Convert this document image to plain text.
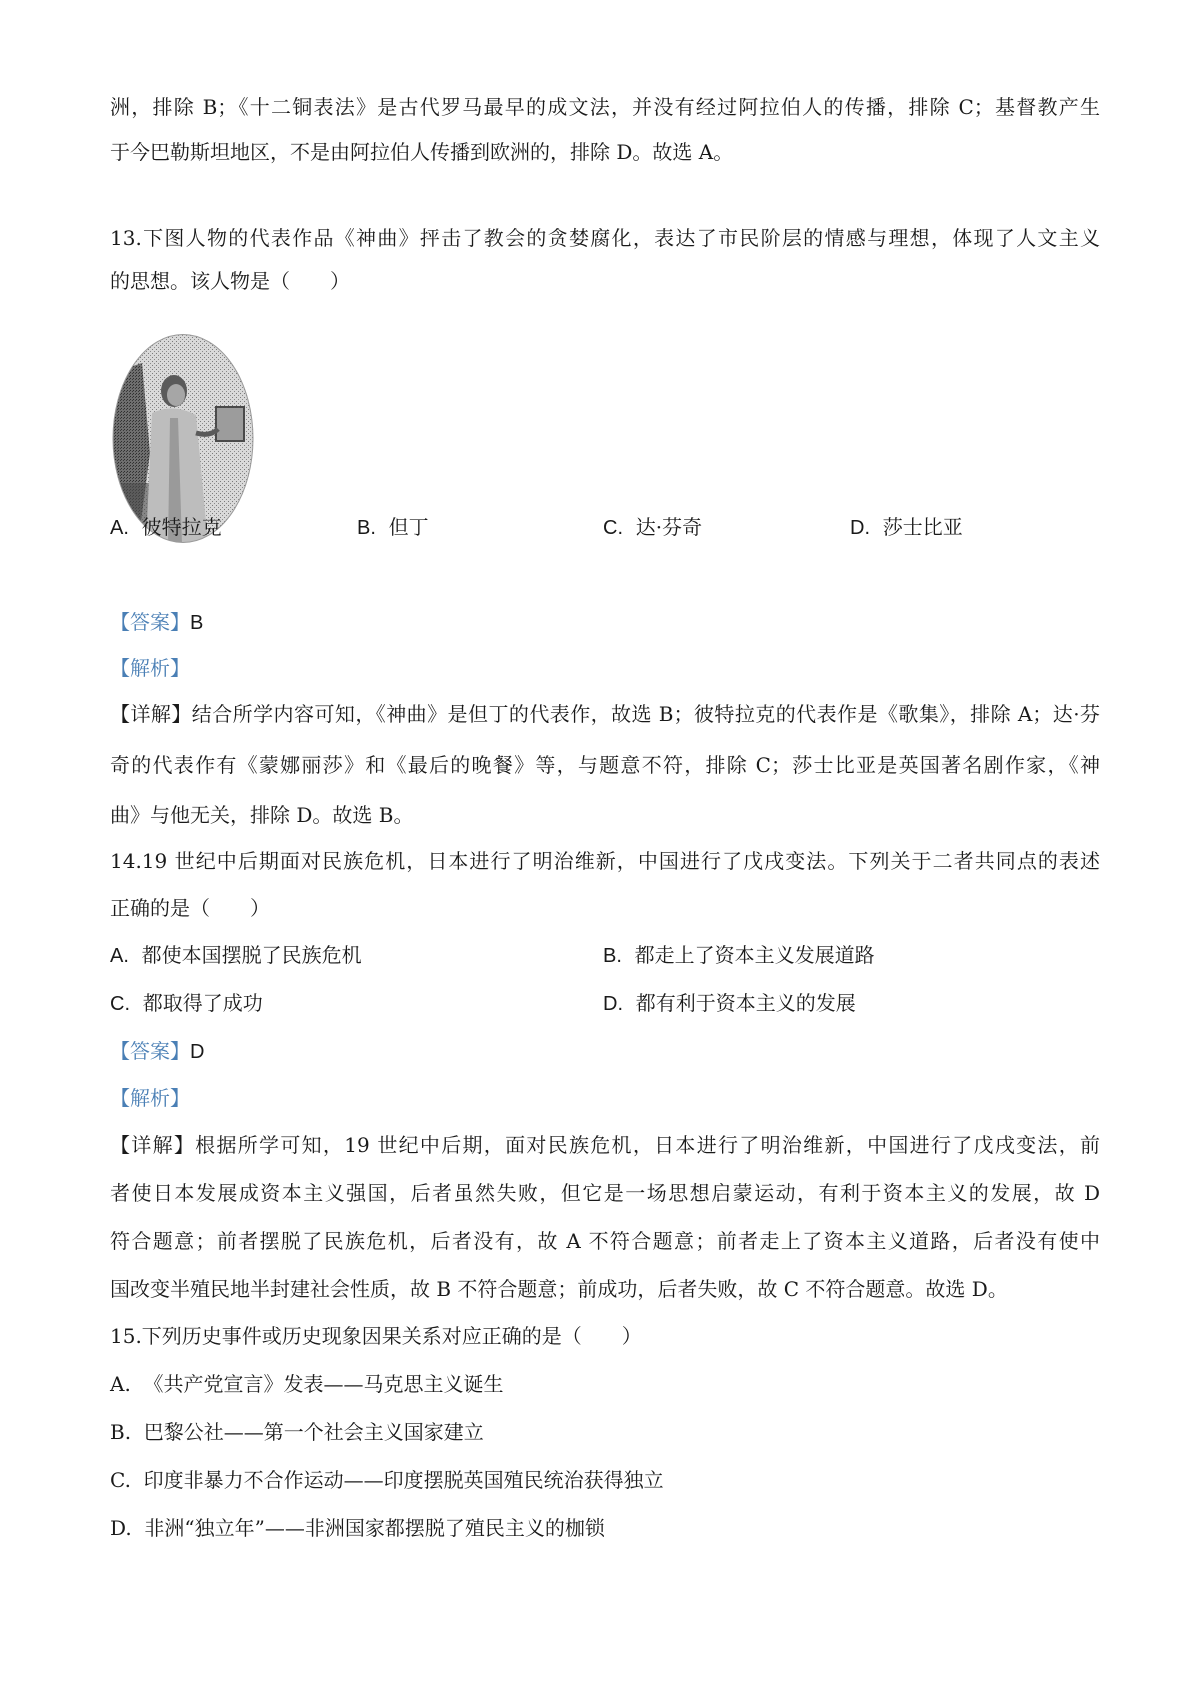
洲，排除 B；《十二铜表法》是古代罗马最早的成文法，并没有经过阿拉伯人的传播，排除 C；基督教产生
于今巴勒斯坦地区，不是由阿拉伯人传播到欧洲的，排除 D。故选 A。
13.下图人物的代表作品《神曲》抨击了教会的贪婪腐化，表达了市民阶层的情感与理想，体现了人文主义
的思想。该人物是（　　）
A. 彼特拉克	B. 但丁	C. 达·芬奇	D. 莎士比亚
【答案】B
【解析】
【详解】结合所学内容可知，《神曲》是但丁的代表作，故选 B；彼特拉克的代表作是《歌集》，排除 A；达·芬
奇的代表作有《蒙娜丽莎》和《最后的晚餐》等，与题意不符，排除 C；莎士比亚是英国著名剧作家，《神
曲》与他无关，排除 D。故选 B。
14.19 世纪中后期面对民族危机，日本进行了明治维新，中国进行了戊戌变法。下列关于二者共同点的表述
正确的是（　　）
A. 都使本国摆脱了民族危机	B. 都走上了资本主义发展道路
C. 都取得了成功	D. 都有利于资本主义的发展
【答案】D
【解析】
【详解】根据所学可知，19 世纪中后期，面对民族危机，日本进行了明治维新，中国进行了戊戌变法，前
者使日本发展成资本主义强国，后者虽然失败，但它是一场思想启蒙运动，有利于资本主义的发展，故 D
符合题意；前者摆脱了民族危机，后者没有，故 A 不符合题意；前者走上了资本主义道路，后者没有使中
国改变半殖民地半封建社会性质，故 B 不符合题意；前成功，后者失败，故 C 不符合题意。故选 D。
15.下列历史事件或历史现象因果关系对应正确的是（　　）
A. 《共产党宣言》发表——马克思主义诞生
B. 巴黎公社——第一个社会主义国家建立
C. 印度非暴力不合作运动——印度摆脱英国殖民统治获得独立
D. 非洲“独立年”——非洲国家都摆脱了殖民主义的枷锁
